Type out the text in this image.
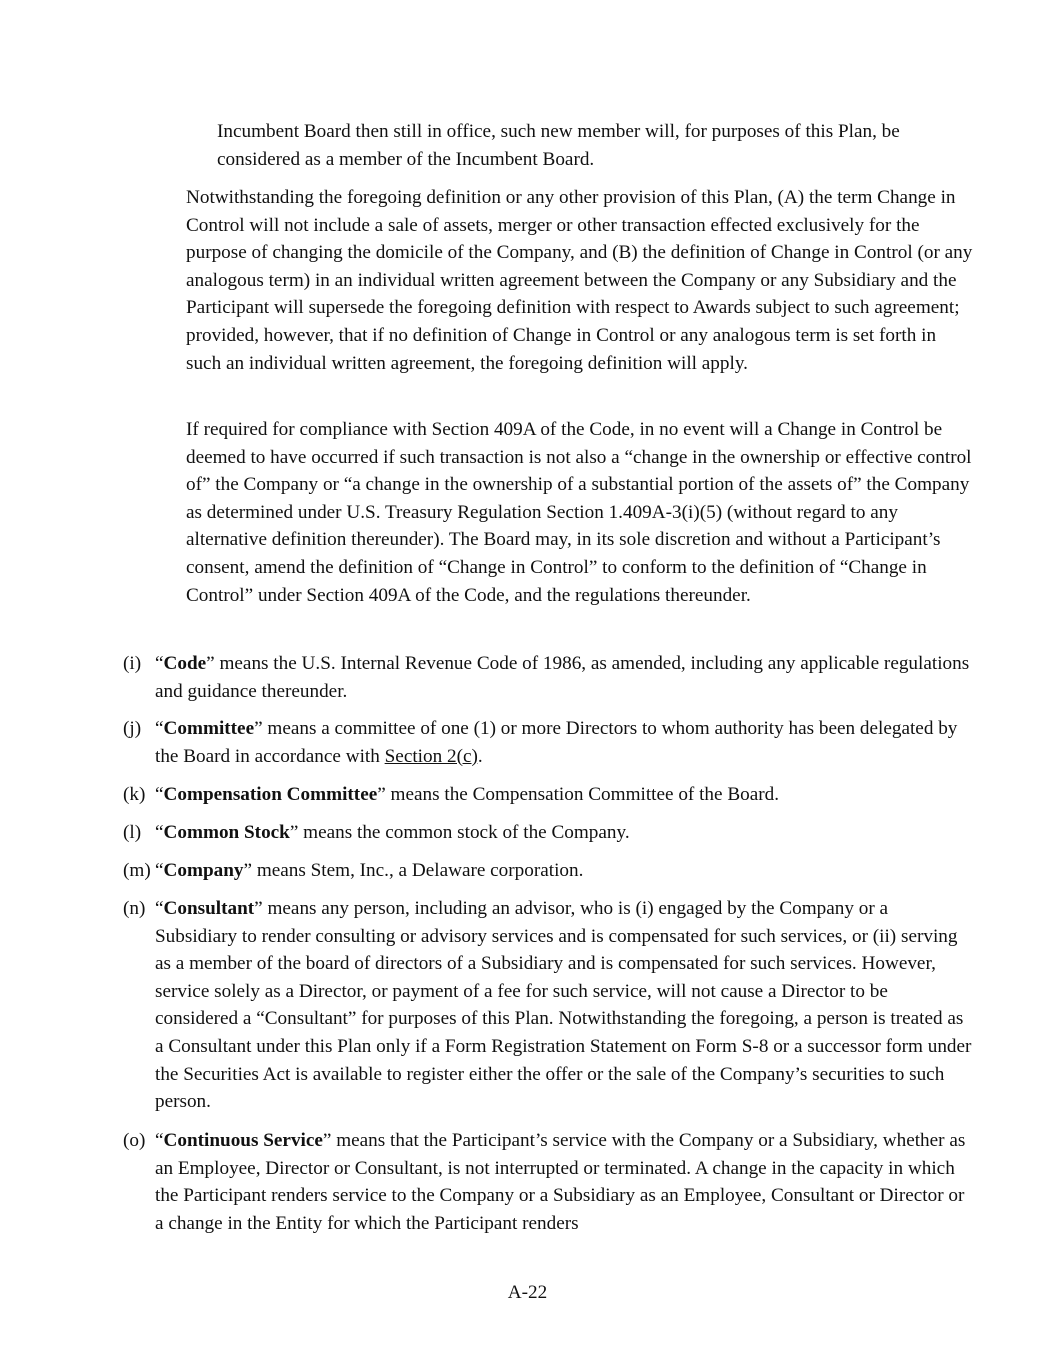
Incumbent Board then still in office, such new member will, for purposes of this Plan, be considered as a member of the Incumbent Board.

Notwithstanding the foregoing definition or any other provision of this Plan, (A) the term Change in Control will not include a sale of assets, merger or other transaction effected exclusively for the purpose of changing the domicile of the Company, and (B) the definition of Change in Control (or any analogous term) in an individual written agreement between the Company or any Subsidiary and the Participant will supersede the foregoing definition with respect to Awards subject to such agreement; provided, however, that if no definition of Change in Control or any analogous term is set forth in such an individual written agreement, the foregoing definition will apply.

If required for compliance with Section 409A of the Code, in no event will a Change in Control be deemed to have occurred if such transaction is not also a “change in the ownership or effective control of” the Company or “a change in the ownership of a substantial portion of the assets of” the Company as determined under U.S. Treasury Regulation Section 1.409A-3(i)(5) (without regard to any alternative definition thereunder). The Board may, in its sole discretion and without a Participant’s consent, amend the definition of “Change in Control” to conform to the definition of “Change in Control” under Section 409A of the Code, and the regulations thereunder.

(i) “Code” means the U.S. Internal Revenue Code of 1986, as amended, including any applicable regulations and guidance thereunder.
(j) “Committee” means a committee of one (1) or more Directors to whom authority has been delegated by the Board in accordance with Section 2(c).
(k) “Compensation Committee” means the Compensation Committee of the Board.
(l) “Common Stock” means the common stock of the Company.
(m) “Company” means Stem, Inc., a Delaware corporation.
(n) “Consultant” means any person, including an advisor, who is (i) engaged by the Company or a Subsidiary to render consulting or advisory services and is compensated for such services, or (ii) serving as a member of the board of directors of a Subsidiary and is compensated for such services. However, service solely as a Director, or payment of a fee for such service, will not cause a Director to be considered a “Consultant” for purposes of this Plan. Notwithstanding the foregoing, a person is treated as a Consultant under this Plan only if a Form Registration Statement on Form S-8 or a successor form under the Securities Act is available to register either the offer or the sale of the Company’s securities to such person.
(o) “Continuous Service” means that the Participant’s service with the Company or a Subsidiary, whether as an Employee, Director or Consultant, is not interrupted or terminated. A change in the capacity in which the Participant renders service to the Company or a Subsidiary as an Employee, Consultant or Director or a change in the Entity for which the Participant renders
A-22
